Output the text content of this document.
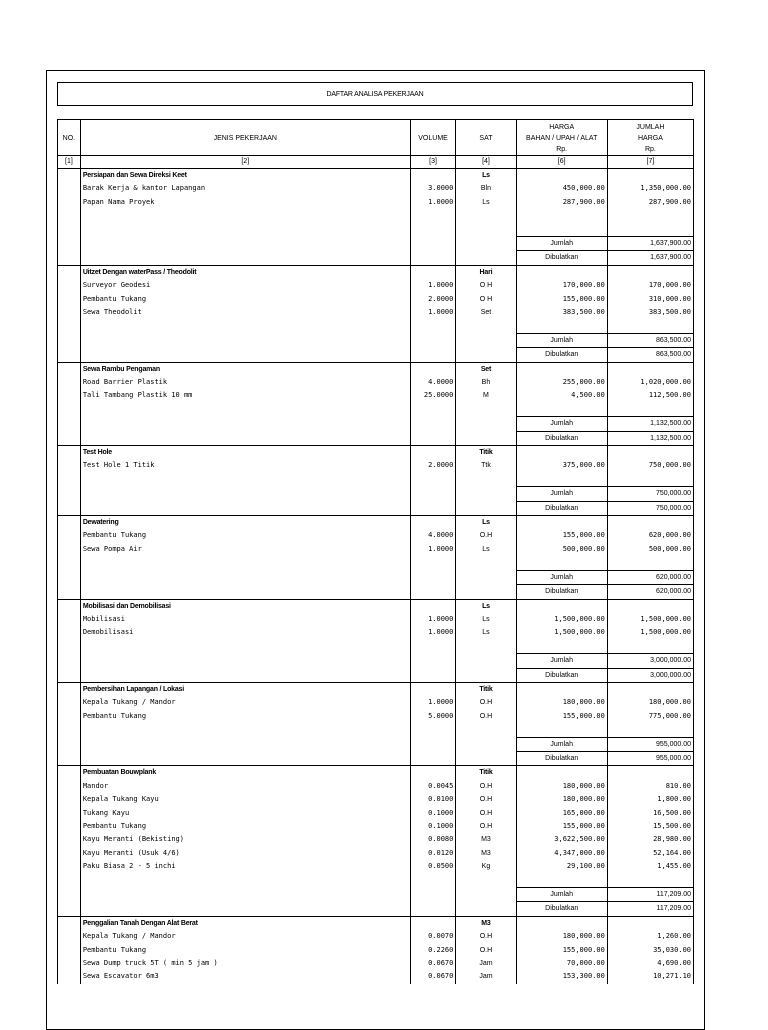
DAFTAR ANALISA PEKERJAAN
				HARGA	JUMLAH
NO.	JENIS PEKERJAAN	VOLUME	SAT	BAHAN / UPAH / ALAT	HARGA
				Rp.	Rp.
[1]	[2]	[3]	[4]	[6]	[7]
	Persiapan dan Sewa Direksi Keet		Ls		
	Barak Kerja & kantor Lapangan	3.0000	Bln	450,000.00	1,350,000.00
	Papan Nama Proyek	1.0000	Ls	287,900.00	287,900.00

				Jumlah	1,637,900.00
				Dibulatkan	1,637,900.00
	Uitzet Dengan waterPass / Theodolit		Hari		
	Surveyor Geodesi	1.0000	O H	170,000.00	170,000.00
	Pembantu Tukang	2.0000	O H	155,000.00	310,000.00
	Sewa Theodolit	1.0000	Set	383,500.00	383,500.00

				Jumlah	863,500.00
				Dibulatkan	863,500.00
	Sewa Rambu Pengaman		Set		
	Road Barrier Plastik	4.0000	Bh	255,000.00	1,020,000.00
	Tali Tambang Plastik 10 mm	25.0000	M	4,500.00	112,500.00

				Jumlah	1,132,500.00
				Dibulatkan	1,132,500.00
	Test Hole		Titik		
	Test Hole 1 Titik	2.0000	Ttk	375,000.00	750,000.00

				Jumlah	750,000.00
				Dibulatkan	750,000.00
	Dewatering		Ls		
	Pembantu Tukang	4.0000	O.H	155,000.00	620,000.00
	Sewa Pompa Air	1.0000	Ls	500,000.00	500,000.00

				Jumlah	620,000.00
				Dibulatkan	620,000.00
	Mobilisasi dan Demobilisasi		Ls		
	Mobilisasi	1.0000	Ls	1,500,000.00	1,500,000.00
	Demobilisasi	1.0000	Ls	1,500,000.00	1,500,000.00

				Jumlah	3,000,000.00
				Dibulatkan	3,000,000.00
	Pembersihan Lapangan / Lokasi		Titik		
	Kepala Tukang / Mandor	1.0000	O.H	180,000.00	180,000.00
	Pembantu Tukang	5.0000	O.H	155,000.00	775,000.00

				Jumlah	955,000.00
				Dibulatkan	955,000.00
	Pembuatan Bouwplank		Titik		
	Mandor	0.0045	O.H	180,000.00	810.00
	Kepala Tukang Kayu	0.0100	O.H	180,000.00	1,800.00
	Tukang Kayu	0.1000	O.H	165,000.00	16,500.00
	Pembantu Tukang	0.1000	O.H	155,000.00	15,500.00
	Kayu Meranti (Bekisting)	0.0080	M3	3,622,500.00	28,980.00
	Kayu Meranti (Usuk 4/6)	0.0120	M3	4,347,000.00	52,164.00
	Paku Biasa 2 - 5 inchi	0.0500	Kg	29,100.00	1,455.00

				Jumlah	117,209.00
				Dibulatkan	117,209.00
	Penggalian Tanah Dengan Alat Berat		M3		
	Kepala Tukang / Mandor	0.0070	O.H	180,000.00	1,260.00
	Pembantu Tukang	0.2260	O.H	155,000.00	35,030.00
	Sewa Dump truck 5T ( min 5 jam )	0.0670	Jam	70,000.00	4,690.00
	Sewa Escavator 6m3	0.0670	Jam	153,300.00	10,271.10
